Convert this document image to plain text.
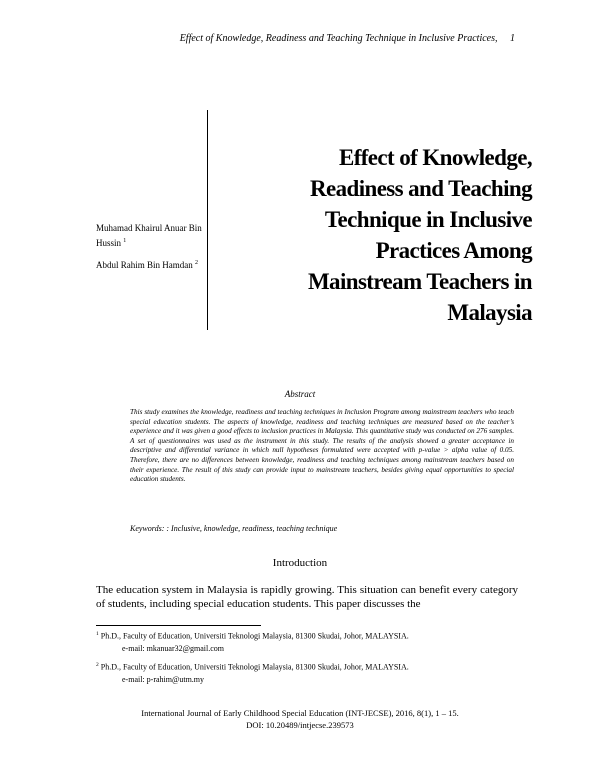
Effect of Knowledge, Readiness and Teaching Technique in Inclusive Practices, 1
Muhamad Khairul Anuar Bin Hussin $^1$
Abdul Rahim Bin Hamdan $^2$
Effect of Knowledge,
Readiness and Teaching
Technique in Inclusive
Practices Among
Mainstream Teachers in
Malaysia
Abstract
This study examines the knowledge, readiness and teaching techniques in Inclusion Program among mainstream teachers who teach special education students. The aspects of knowledge, readiness and teaching techniques are measured based on the teacher’s experience and it was given a good effects to inclusion practices in Malaysia. This quantitative study was conducted on 276 samples. A set of questionnaires was used as the instrument in this study. The results of the analysis showed a greater acceptance in descriptive and differential variance in which null hypotheses formulated were accepted with p-value > alpha value of 0.05. Therefore, there are no differences between knowledge, readiness and teaching techniques among mainstream teachers based on their experience. The result of this study can provide input to mainstream teachers, besides giving equal opportunities to special education students.
Keywords: : Inclusive, knowledge, readiness, teaching technique
Introduction
The education system in Malaysia is rapidly growing. This situation can benefit every category of students, including special education students. This paper discusses the
$^1$ Ph.D., Faculty of Education, Universiti Teknologi Malaysia, 81300 Skudai, Johor, MALAYSIA.
e-mail: mkanuar32@gmail.com
$^2$ Ph.D., Faculty of Education, Universiti Teknologi Malaysia, 81300 Skudai, Johor, MALAYSIA.
e-mail: p-rahim@utm.my
International Journal of Early Childhood Special Education (INT-JECSE), 2016, 8(1), 1 – 15.
DOI: 10.20489/intjecse.239573
